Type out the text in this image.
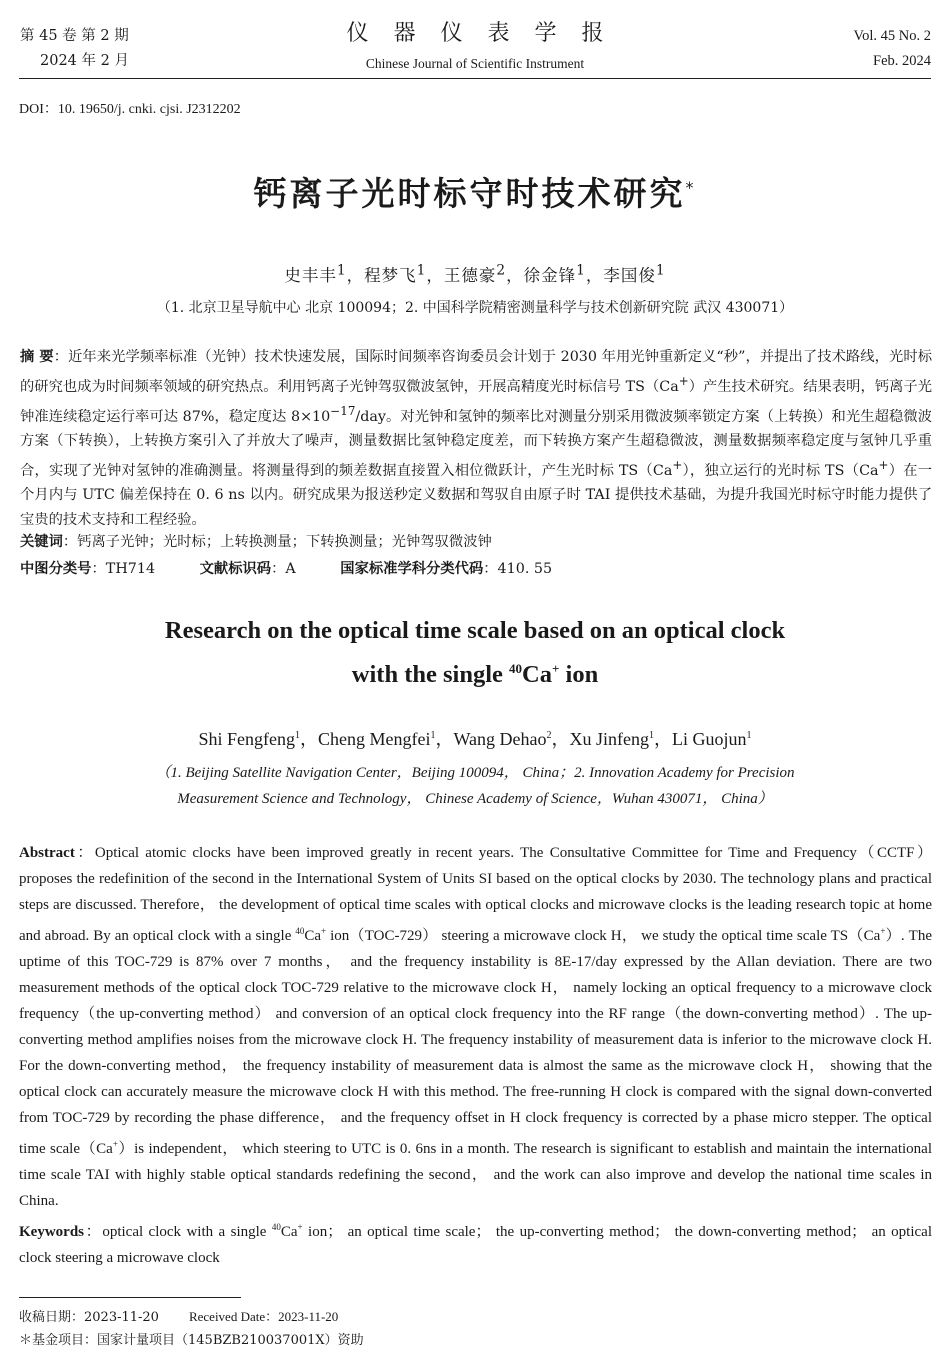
第 45 卷 第 2 期
2024 年 2 月
仪器仪表学报
Chinese Journal of Scientific Instrument
Vol. 45 No. 2
Feb. 2024
DOI：10. 19650/j. cnki. cjsi. J2312202
钙离子光时标守时技术研究*
史丰丰$^1$，程梦飞$^1$，王德豪$^2$，徐金锋$^1$，李国俊$^1$
（1. 北京卫星导航中心 北京 100094；2. 中国科学院精密测量科学与技术创新研究院 武汉 430071）
摘 要：近年来光学频率标准（光钟）技术快速发展，国际时间频率咨询委员会计划于 2030 年用光钟重新定义“秒”，并提出了技术路线，光时标的研究也成为时间频率领域的研究热点。利用钙离子光钟驾驭微波氢钟，开展高精度光时标信号 TS（Ca+）产生技术研究。结果表明，钙离子光钟准连续稳定运行率可达 87%，稳定度达 $8\times 10^{-17}$/day。对光钟和氢钟的频率比对测量分别采用微波频率锁定方案（上转换）和光生超稳微波方案（下转换），上转换方案引入了并放大了噪声，测量数据比氢钟稳定度差，而下转换方案产生超稳微波，测量数据频率稳定度与氢钟几乎重合，实现了光钟对氢钟的准确测量。将测量得到的频差数据直接置入相位微跃计，产生光时标 TS（Ca+），独立运行的光时标 TS（Ca+）在一个月内与 UTC 偏差保持在 0. 6 ns 以内。研究成果为报送秒定义数据和驾驭自由原子时 TAI 提供技术基础，为提升我国光时标守时能力提供了宝贵的技术支持和工程经验。
关键词：钙离子光钟；光时标；上转换测量；下转换测量；光钟驾驭微波钟
中图分类号：TH714	文献标识码：A	国家标准学科分类代码：410. 55
Research on the optical time scale based on an optical clock
with the single $^{40}$Ca+ ion
Shi Fengfeng$^1$，Cheng Mengfei$^1$，Wang Dehao$^2$，Xu Jinfeng$^1$，Li Guojun$^1$
（1. Beijing Satellite Navigation Center，Beijing 100094， China；2. Innovation Academy for Precision
Measurement Science and Technology， Chinese Academy of Science，Wuhan 430071， China）
Abstract：Optical atomic clocks have been improved greatly in recent years. The Consultative Committee for Time and Frequency（CCTF）proposes the redefinition of the second in the International System of Units SI based on the optical clocks by 2030. The technology plans and practical steps are discussed. Therefore， the development of optical time scales with optical clocks and microwave clocks is the leading research topic at home and abroad. By an optical clock with a single $^{40}$Ca+ ion（TOC-729） steering a microwave clock H， we study the optical time scale TS（Ca+）. The uptime of this TOC-729 is 87% over 7 months， and the frequency instability is 8E-17/day expressed by the Allan deviation. There are two measurement methods of the optical clock TOC-729 relative to the microwave clock H， namely locking an optical frequency to a microwave clock frequency（the up-converting method） and conversion of an optical clock frequency into the RF range（the down-converting method）. The up-converting method amplifies noises from the microwave clock H. The frequency instability of measurement data is inferior to the microwave clock H. For the down-converting method， the frequency instability of measurement data is almost the same as the microwave clock H， showing that the optical clock can accurately measure the microwave clock H with this method. The free-running H clock is compared with the signal down-converted from TOC-729 by recording the phase difference， and the frequency offset in H clock frequency is corrected by a phase micro stepper. The optical time scale（Ca+）is independent， which steering to UTC is 0. 6ns in a month. The research is significant to establish and maintain the international time scale TAI with highly stable optical standards redefining the second， and the work can also improve and develop the national time scales in China.
Keywords：optical clock with a single $^{40}$Ca+ ion； an optical time scale； the up-converting method； the down-converting method； an optical clock steering a microwave clock
收稿日期：2023-11-20 Received Date：2023-11-20
＊基金项目：国家计量项目（145BZB210037001X）资助
